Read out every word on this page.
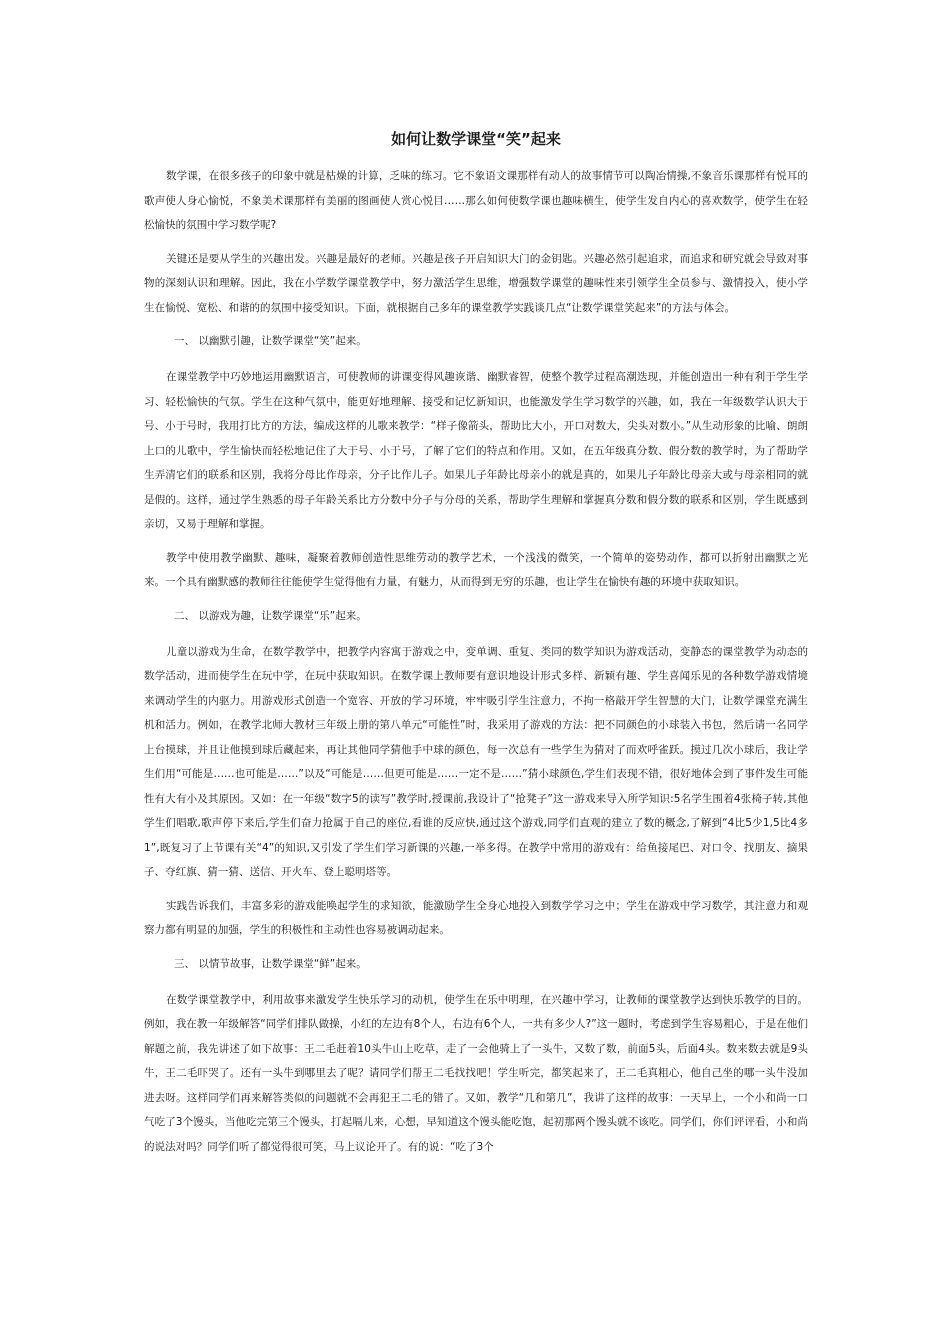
如何让数学课堂“笑”起来

数学课，在很多孩子的印象中就是枯燥的计算，乏味的练习。它不象语文课那样有动人的故事情节可以陶冶情操,不象音乐课那样有悦耳的歌声使人身心愉悦，不象美术课那样有美丽的图画使人赏心悦目……那么如何使数学课也趣味横生，使学生发自内心的喜欢数学，使学生在轻松愉快的氛围中学习数学呢?

关键还是要从学生的兴趣出发。兴趣是最好的老师。兴趣是孩子开启知识大门的金钥匙。兴趣必然引起追求，而追求和研究就会导致对事物的深刻认识和理解。因此，我在小学数学课堂教学中，努力激活学生思维，增强数学课堂的趣味性来引领学生全员参与、激情投入，使小学生在愉悦、宽松、和谐的的氛围中接受知识。下面，就根据自己多年的课堂教学实践谈几点“让数学课堂笑起来”的方法与体会。

一、 以幽默引趣，让数学课堂“笑”起来。

在课堂教学中巧妙地运用幽默语言，可使教师的讲课变得风趣诙谐、幽默睿智，使整个教学过程高潮迭现，并能创造出一种有利于学生学习、轻松愉快的气氛。学生在这种气氛中，能更好地理解、接受和记忆新知识，也能激发学生学习数学的兴趣，如，我在一年级数学认识大于号、小于号时，我用打比方的方法，编成这样的儿歌来教学：“样子像箭头，帮助比大小，开口对数大，尖头对数小。”从生动形象的比喻、朗朗上口的儿歌中，学生愉快而轻松地记住了大于号、小于号，了解了它们的特点和作用。又如，在五年级真分数、假分数的教学时，为了帮助学生弄清它们的联系和区别，我将分母比作母亲，分子比作儿子。如果儿子年龄比母亲小的就是真的，如果儿子年龄比母亲大或与母亲相同的就是假的。这样，通过学生熟悉的母子年龄关系比方分数中分子与分母的关系，帮助学生理解和掌握真分数和假分数的联系和区别，学生既感到亲切，又易于理解和掌握。

教学中使用教学幽默、趣味，凝聚着教师创造性思维劳动的教学艺术，一个浅浅的微笑，一个简单的姿势动作，都可以折射出幽默之光来。一个具有幽默感的教师往往能使学生觉得他有力量，有魅力，从而得到无穷的乐趣，也让学生在愉快有趣的环境中获取知识。

二、 以游戏为趣，让数学课堂“乐”起来。

儿童以游戏为生命，在数学教学中，把教学内容寓于游戏之中，变单调、重复、类同的数学知识为游戏活动，变静态的课堂教学为动态的数学活动，进而使学生在玩中学，在玩中获取知识。在数学课上教师要有意识地设计形式多样、新颖有趣、学生喜闻乐见的各种数学游戏情境来调动学生的内驱力。用游戏形式创造一个宽容、开放的学习环境，牢牢吸引学生注意力，不拘一格敲开学生智慧的大门，让数学课堂充满生机和活力。例如，在教学北师大教材三年级上册的第八单元“可能性”时，我采用了游戏的方法：把不同颜色的小球装入书包，然后请一名同学上台摸球，并且让他摸到球后藏起来，再让其他同学猜他手中球的颜色，每一次总有一些学生为猜对了而欢呼雀跃。摸过几次小球后，我让学生们用“可能是……也可能是……”以及“可能是……但更可能是……一定不是……”猜小球颜色,学生们表现不错，很好地体会到了事件发生可能性有大有小及其原因。又如：在一年级“数字5的读写”教学时,授课前,我设计了“抢凳子”这一游戏来导入所学知识:5名学生围着4张椅子转,其他学生们唱歌,歌声停下来后,学生们奋力抢属于自己的座位,看谁的反应快,通过这个游戏,同学们直观的建立了数的概念,了解到“4比5少1,5比4多1”,既复习了上节课有关“4”的知识,又引发了学生们学习新课的兴趣,一举多得。在教学中常用的游戏有：给鱼接尾巴、对口令、找朋友、摘果子、夺红旗、猜一猜、送信、开火车、登上聪明塔等。

实践告诉我们，丰富多彩的游戏能唤起学生的求知欲，能激励学生全身心地投入到数学学习之中；学生在游戏中学习数学，其注意力和观察力都有明显的加强，学生的积极性和主动性也容易被调动起来。

三、 以情节故事，让数学课堂“鲜”起来。

在数学课堂教学中，利用故事来激发学生快乐学习的动机，使学生在乐中明理，在兴趣中学习，让教师的课堂教学达到快乐教学的目的。例如，我在教一年级解答“同学们排队做操，小红的左边有8个人，右边有6个人，一共有多少人?”这一题时，考虑到学生容易粗心，于是在他们解题之前，我先讲述了如下故事：王二毛赶着10头牛山上吃草，走了一会他骑上了一头牛，又数了数，前面5头，后面4头。数来数去就是9头牛，王二毛吓哭了。还有一头牛到哪里去了呢？请同学们帮王二毛找找吧！学生听完，都笑起来了，王二毛真粗心，他自己坐的哪一头牛没加进去呀。这样同学们再来解答类似的问题就不会再犯王二毛的错了。又如，教学“几和第几”，我讲了这样的故事：一天早上，一个小和尚一口气吃了3个馒头，当他吃完第三个馒头，打起嗝儿来，心想，早知道这个馒头能吃饱，起初那两个馒头就不该吃。同学们，你们评评看，小和尚的说法对吗？同学们听了都觉得很可笑，马上议论开了。有的说：“吃了3个
